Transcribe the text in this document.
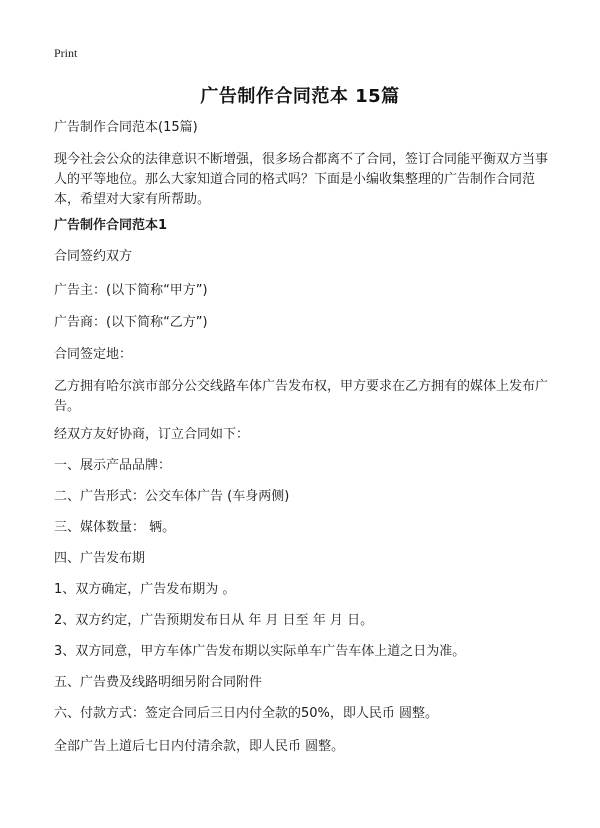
Print
广告制作合同范本 15篇
广告制作合同范本(15篇)
现今社会公众的法律意识不断增强，很多场合都离不了合同，签订合同能平衡双方当事人的平等地位。那么大家知道合同的格式吗？下面是小编收集整理的广告制作合同范本，希望对大家有所帮助。
广告制作合同范本1
合同签约双方
广告主：(以下简称“甲方”)
广告商：(以下简称“乙方”)
合同签定地：
乙方拥有哈尔滨市部分公交线路车体广告发布权，甲方要求在乙方拥有的媒体上发布广告。
经双方友好协商，订立合同如下：
一、展示产品品牌：
二、广告形式：公交车体广告 (车身两侧)
三、媒体数量： 辆。
四、广告发布期
1、双方确定，广告发布期为 。
2、双方约定，广告预期发布日从 年 月 日至 年 月 日。
3、双方同意，甲方车体广告发布期以实际单车广告车体上道之日为准。
五、广告费及线路明细另附合同附件
六、付款方式：签定合同后三日内付全款的50%，即人民币 圆整。
全部广告上道后七日内付清余款，即人民币 圆整。
